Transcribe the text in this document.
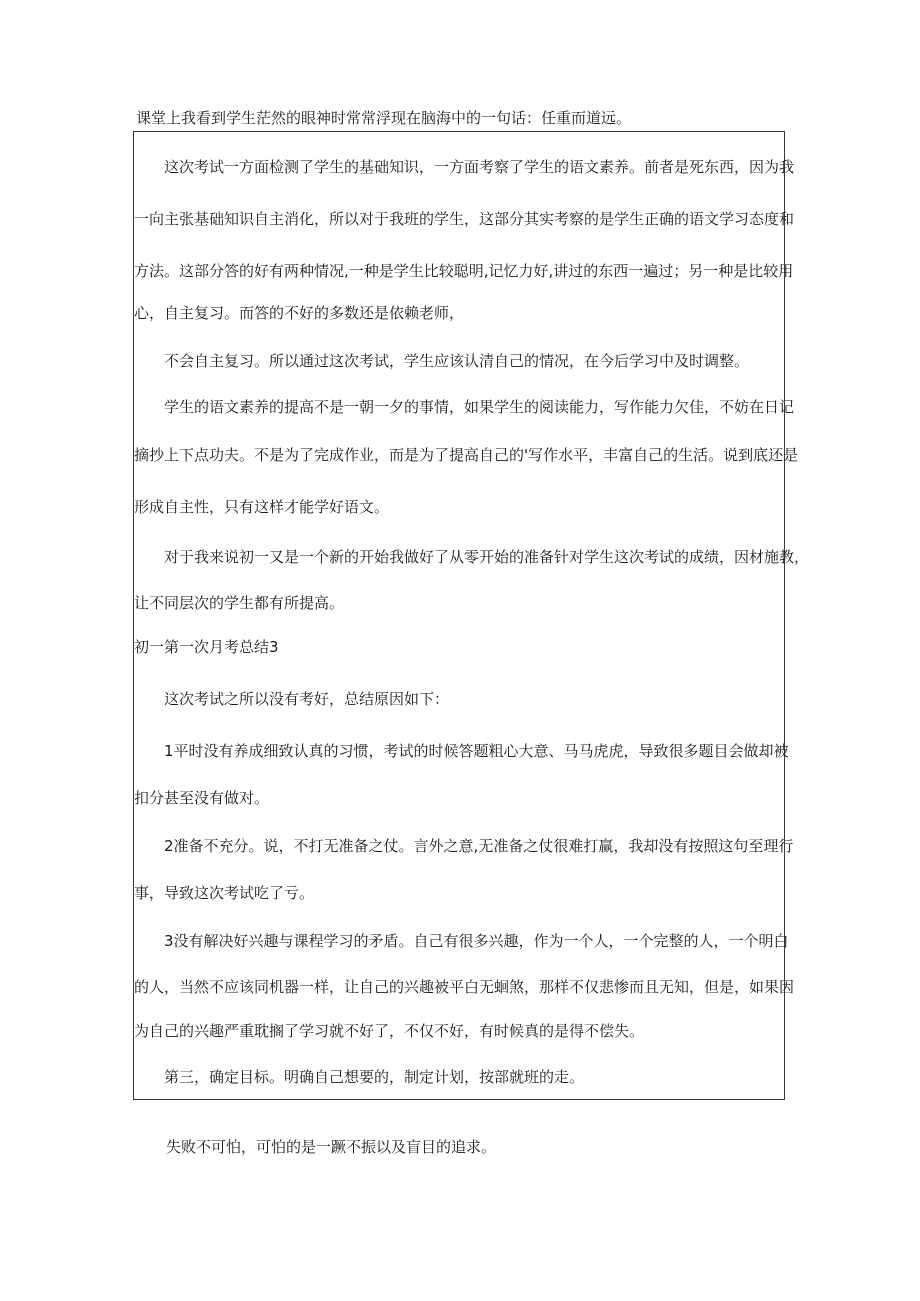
课堂上我看到学生茫然的眼神时常常浮现在脑海中的一句话：任重而道远。

　　这次考试一方面检测了学生的基础知识，一方面考察了学生的语文素养。前者是死东西，因为我

一向主张基础知识自主消化，所以对于我班的学生，这部分其实考察的是学生正确的语文学习态度和

方法。这部分答的好有两种情况,一种是学生比较聪明,记忆力好,讲过的东西一遍过；另一种是比较用

心，自主复习。而答的不好的多数还是依赖老师，

　　不会自主复习。所以通过这次考试，学生应该认清自己的情况，在今后学习中及时调整。

　　学生的语文素养的提高不是一朝一夕的事情，如果学生的阅读能力，写作能力欠佳，不妨在日记

摘抄上下点功夫。不是为了完成作业，而是为了提高自己的'写作水平，丰富自己的生活。说到底还是

形成自主性，只有这样才能学好语文。

　　对于我来说初一又是一个新的开始我做好了从零开始的准备针对学生这次考试的成绩，因材施教，

让不同层次的学生都有所提高。

初一第一次月考总结3

　　这次考试之所以没有考好，总结原因如下：

　　1平时没有养成细致认真的习惯，考试的时候答题粗心大意、马马虎虎，导致很多题目会做却被

扣分甚至没有做对。

　　2准备不充分。说，不打无准备之仗。言外之意,无准备之仗很难打赢，我却没有按照这句至理行

事，导致这次考试吃了亏。

　　3没有解决好兴趣与课程学习的矛盾。自己有很多兴趣，作为一个人，一个完整的人，一个明白

的人，当然不应该同机器一样，让自己的兴趣被平白无蛔煞，那样不仅悲惨而且无知，但是，如果因

为自己的兴趣严重耽搁了学习就不好了，不仅不好，有时候真的是得不偿失。

　　第三，确定目标。明确自己想要的，制定计划，按部就班的走。

失败不可怕，可怕的是一蹶不振以及盲目的追求。
